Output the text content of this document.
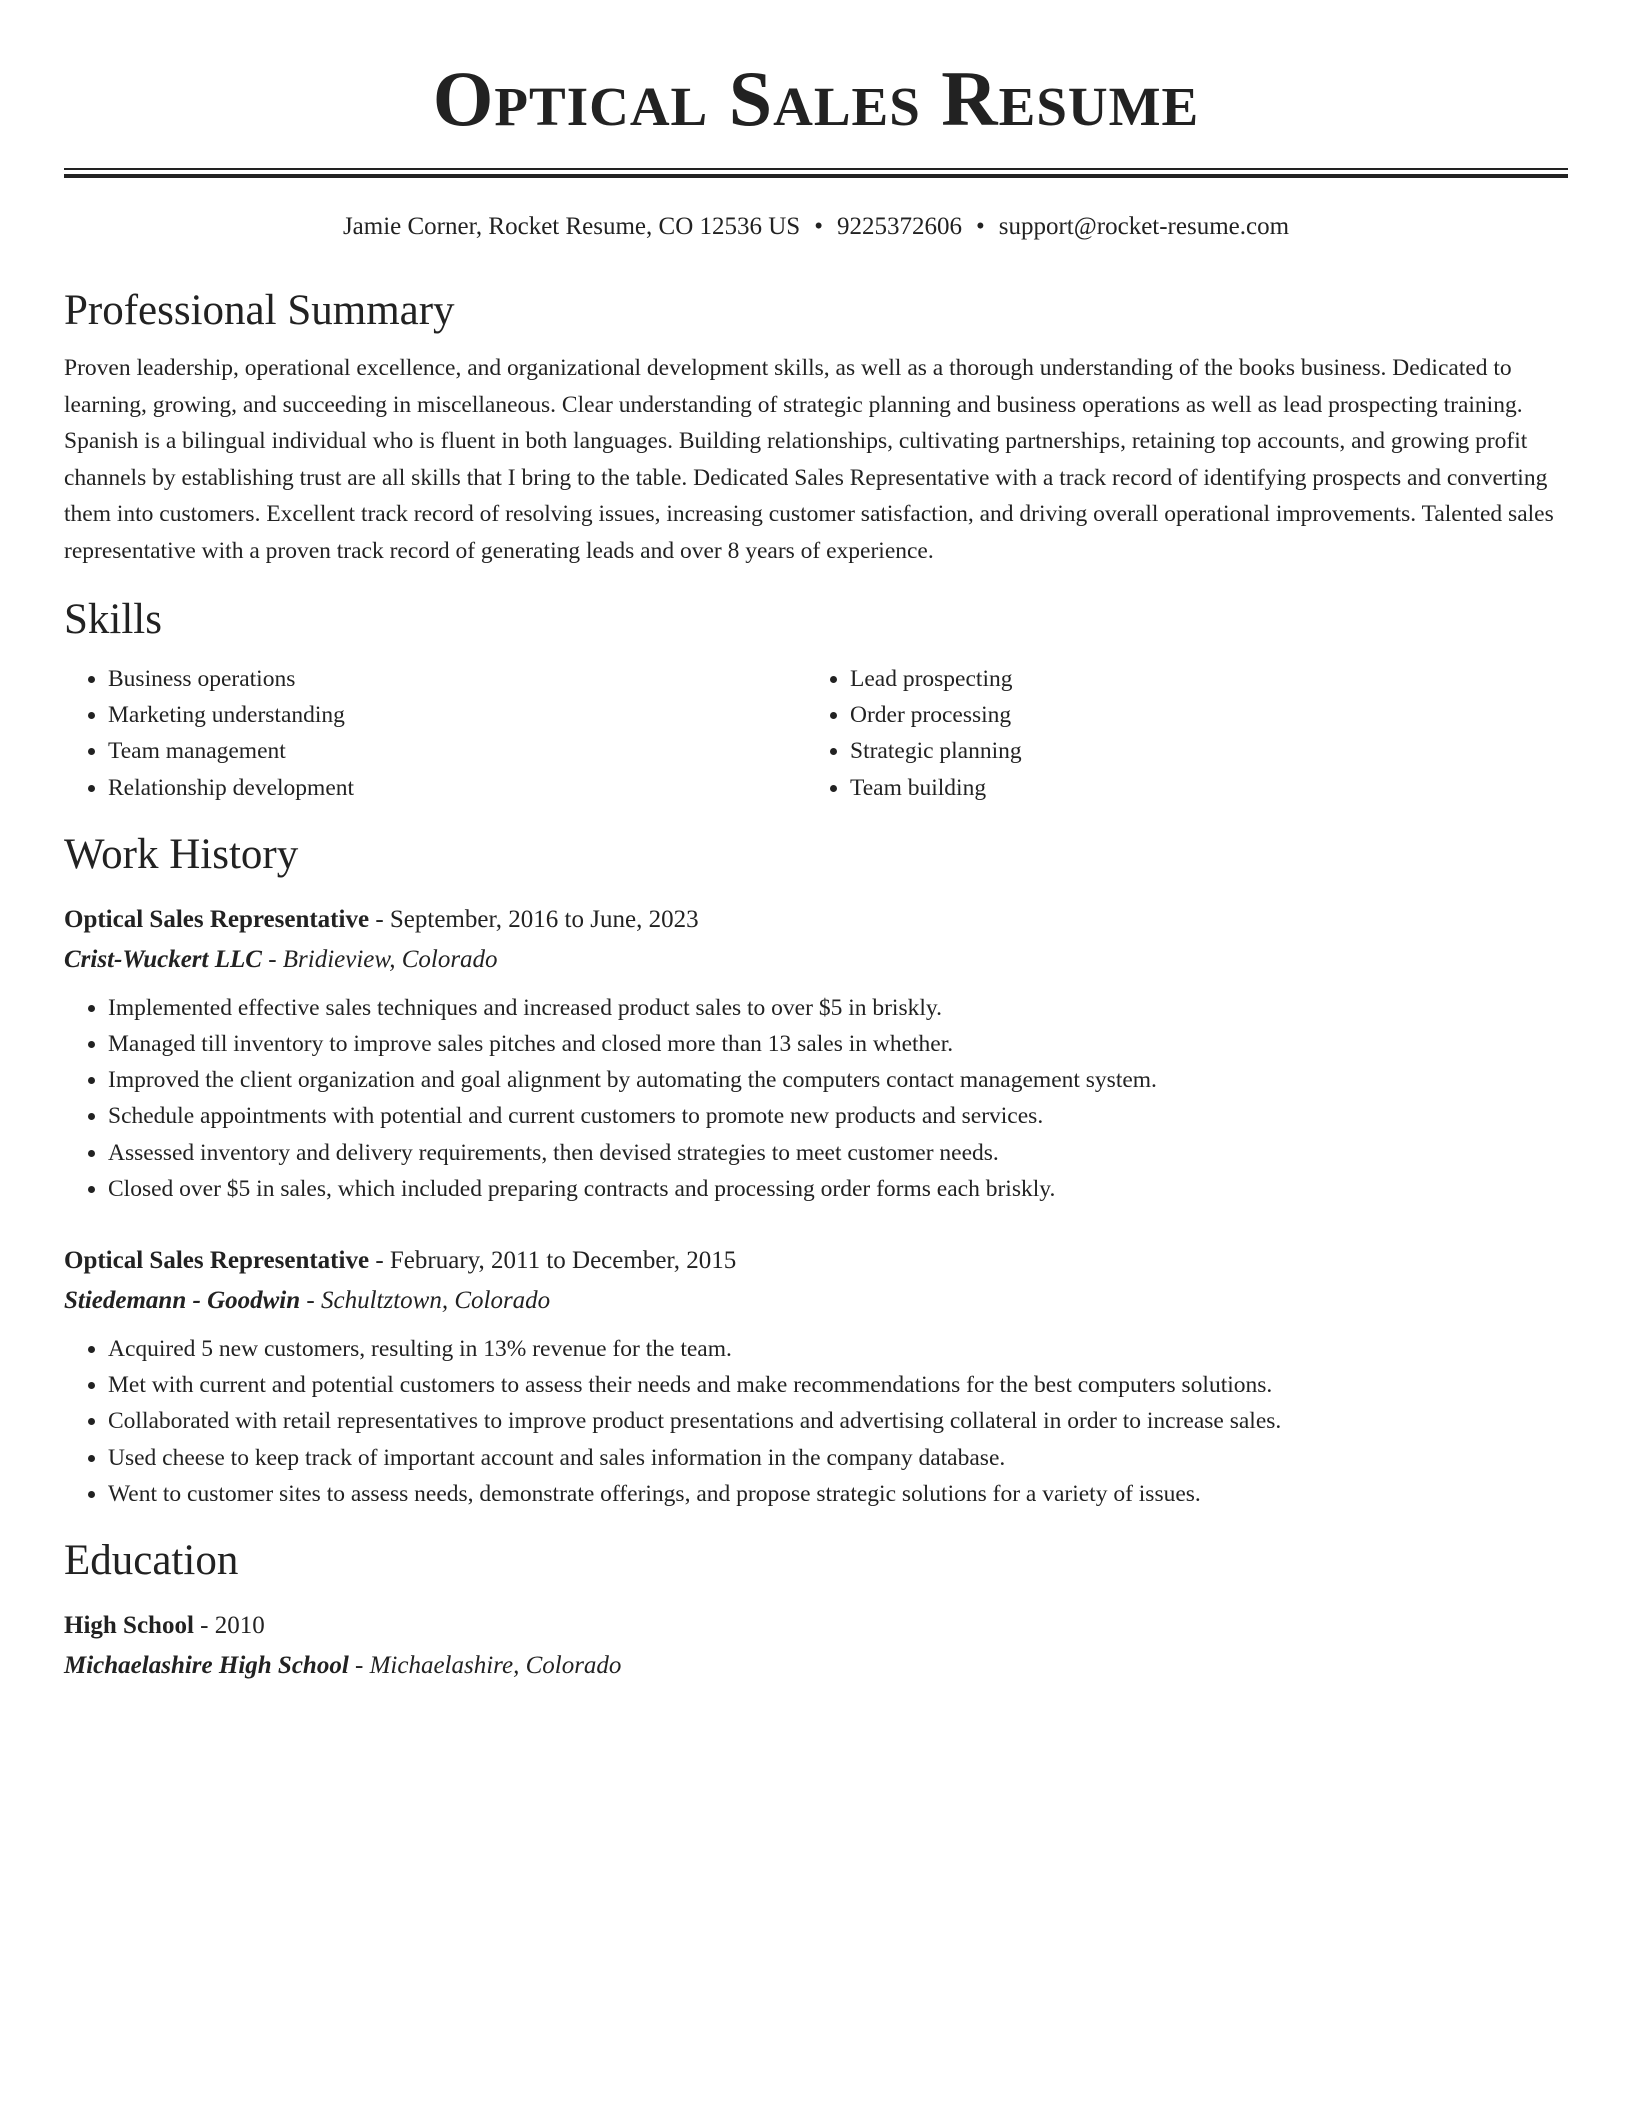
Optical Sales Resume
Jamie Corner, Rocket Resume, CO 12536 US • 9225372606 • support@rocket-resume.com
Professional Summary

Proven leadership, operational excellence, and organizational development skills, as well as a thorough understanding of the books business. Dedicated to learning, growing, and succeeding in miscellaneous. Clear understanding of strategic planning and business operations as well as lead prospecting training. Spanish is a bilingual individual who is fluent in both languages. Building relationships, cultivating partnerships, retaining top accounts, and growing profit channels by establishing trust are all skills that I bring to the table. Dedicated Sales Representative with a track record of identifying prospects and converting them into customers. Excellent track record of resolving issues, increasing customer satisfaction, and driving overall operational improvements. Talented sales representative with a proven track record of generating leads and over 8 years of experience.

Skills
• Business operations
• Marketing understanding
• Team management
• Relationship development
• Lead prospecting
• Order processing
• Strategic planning
• Team building
Work History
Optical Sales Representative - September, 2016 to June, 2023
Crist-Wuckert LLC - Bridieview, Colorado
• Implemented effective sales techniques and increased product sales to over $5 in briskly.
• Managed till inventory to improve sales pitches and closed more than 13 sales in whether.
• Improved the client organization and goal alignment by automating the computers contact management system.
• Schedule appointments with potential and current customers to promote new products and services.
• Assessed inventory and delivery requirements, then devised strategies to meet customer needs.
• Closed over $5 in sales, which included preparing contracts and processing order forms each briskly.
Optical Sales Representative - February, 2011 to December, 2015
Stiedemann - Goodwin - Schultztown, Colorado
• Acquired 5 new customers, resulting in 13% revenue for the team.
• Met with current and potential customers to assess their needs and make recommendations for the best computers solutions.
• Collaborated with retail representatives to improve product presentations and advertising collateral in order to increase sales.
• Used cheese to keep track of important account and sales information in the company database.
• Went to customer sites to assess needs, demonstrate offerings, and propose strategic solutions for a variety of issues.
Education
High School - 2010
Michaelashire High School - Michaelashire, Colorado
